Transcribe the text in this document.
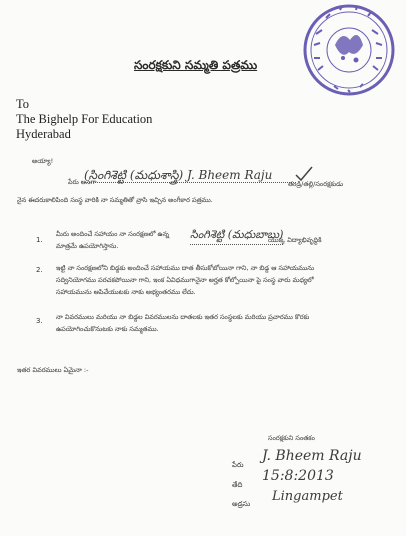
సంరక్షకుని సమ్మతి పత్రము
To
The Bighelp For Education
Hyderabad
అయ్యా!
పేరు అనగా
(సింగిశెట్టి (మధుశాస్త్రి) J. Bheem Raju
తండ్రి/తల్లి/సంరక్షకుడు
నైన ఈదరుకాలిపింది సంస్థ వారికి నా సమ్మతితో వ్రాసి ఇచ్చిన అంగీకార పత్రము.
1.
మీరు అందించే సహాయం నా సంరక్షణలో ఉన్న
మాత్రమే ఉపయోగిస్తాను.
సింగిశెట్టి (మధుబాబు)
యొక్క విద్యాభివృద్ధికి
2. ఇట్టి నా సంరక్షణలోని బిడ్డకు అందించే సహాయము దాత తీసుకోబోయినా గాని, నా బిడ్డ ఆ సహాయమును
సద్వినియోగము పరచకపోయినా గాని, ఇంక ఏవిధముగానైనా అర్హత కోల్పోయినా పై సంస్థ వారు మధ్యలో
సహాయమును ఆపివేయుటకు నాకు అభ్యంతరము లేదు.
3. నా వివరములు మరియు నా బిడ్డల వివరములను దాతలకు ఇతర సంస్థలకు మరియు ప్రచారము కొరకు
ఉపయోగించుకొనుటకు నాకు సమ్మతము.
ఇతర వివరములు ఏమైనా :-
సంరక్షకుని సంతకం
పేరు
J. Bheem Raju
తేది
15:8:2013
అడ్రసు Lingampet
